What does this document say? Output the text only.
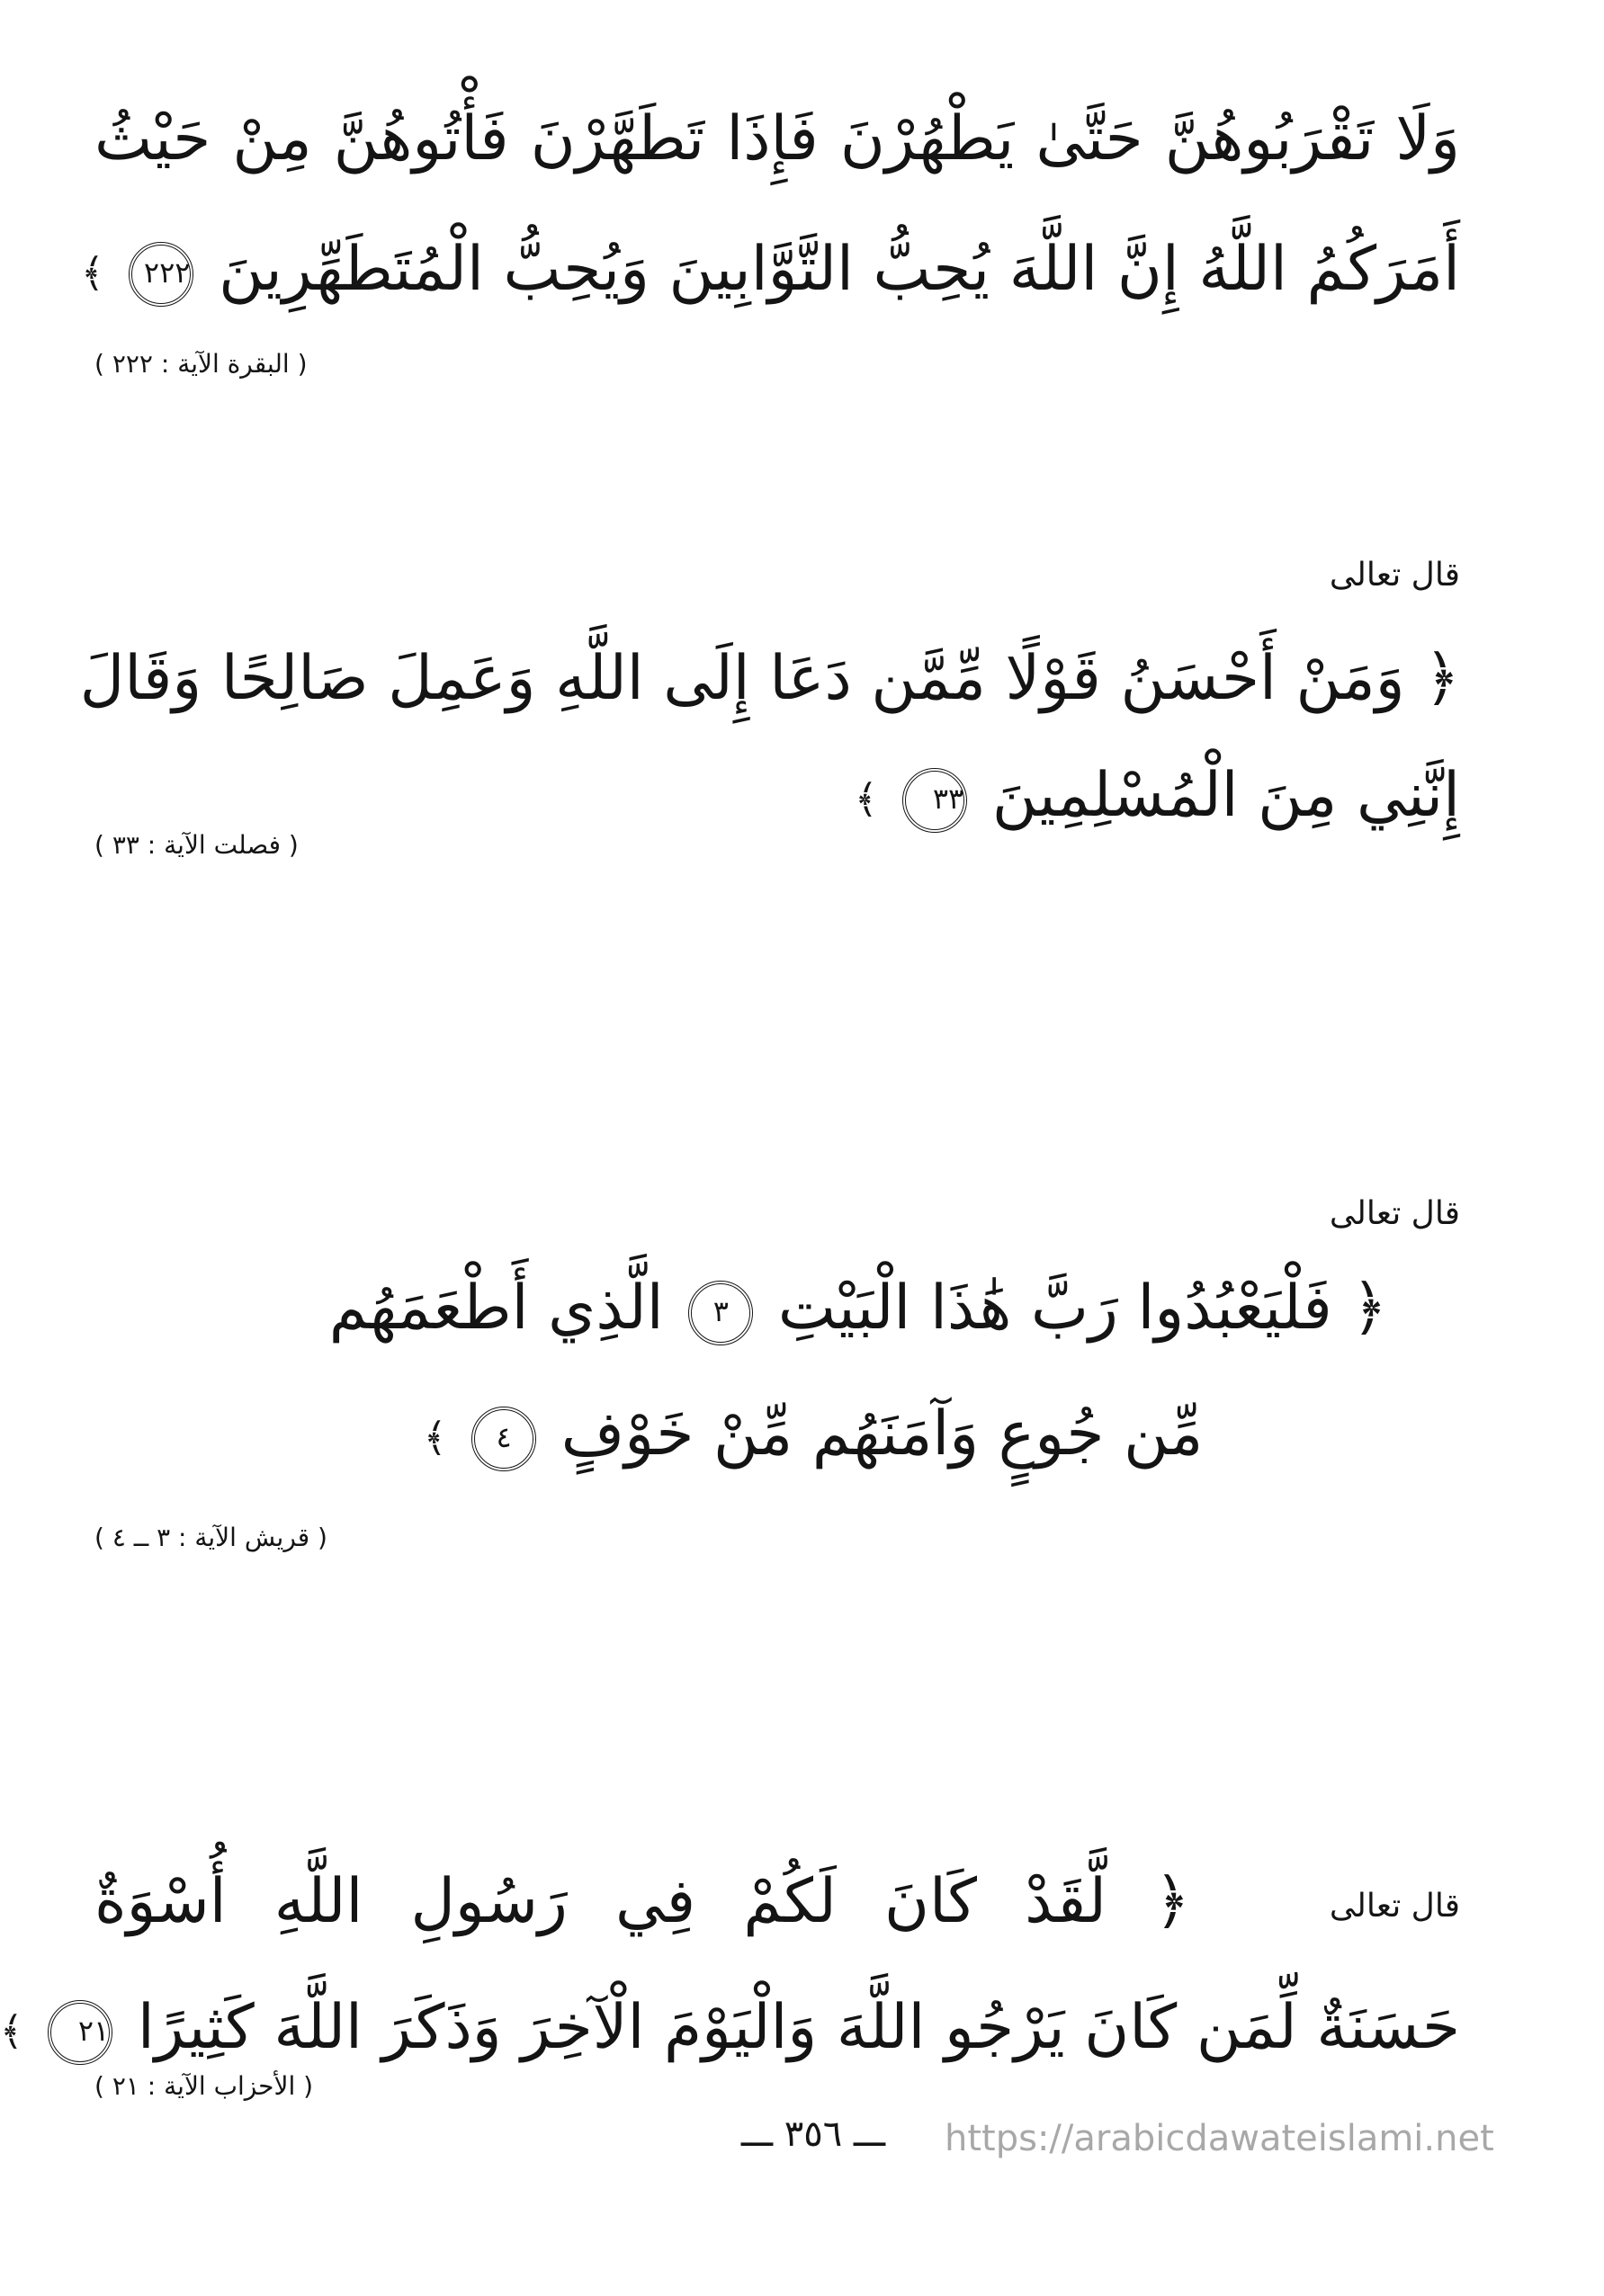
وَلَا تَقْرَبُوهُنَّ حَتَّىٰ يَطْهُرْنَ فَإِذَا تَطَهَّرْنَ فَأْتُوهُنَّ مِنْ حَيْثُ
أَمَرَكُمُ اللَّهُ إِنَّ اللَّهَ يُحِبُّ التَّوَّابِينَ وَيُحِبُّ الْمُتَطَهِّرِينَ ٢٢٢ ﴾
( البقرة الآية : ٢٢٢ )
قال تعالى
﴿ وَمَنْ أَحْسَنُ قَوْلًا مِّمَّن دَعَا إِلَى اللَّهِ وَعَمِلَ صَالِحًا وَقَالَ
إِنَّنِي مِنَ الْمُسْلِمِينَ ٣٣ ﴾
( فصلت الآية : ٣٣ )
قال تعالى
﴿ فَلْيَعْبُدُوا رَبَّ هَٰذَا الْبَيْتِ ٣ الَّذِي أَطْعَمَهُم
مِّن جُوعٍ وَآمَنَهُم مِّنْ خَوْفٍ ٤ ﴾
( قريش الآية : ٣ ــ ٤ )
قال تعالى
﴿ لَّقَدْ كَانَ لَكُمْ فِي رَسُولِ اللَّهِ أُسْوَةٌ
حَسَنَةٌ لِّمَن كَانَ يَرْجُو اللَّهَ وَالْيَوْمَ الْآخِرَ وَذَكَرَ اللَّهَ كَثِيرًا ٢١ ﴾
( الأحزاب الآية : ٢١ )
ـــ ٣٥٦ ـــ	https://arabicdawateislami.net
